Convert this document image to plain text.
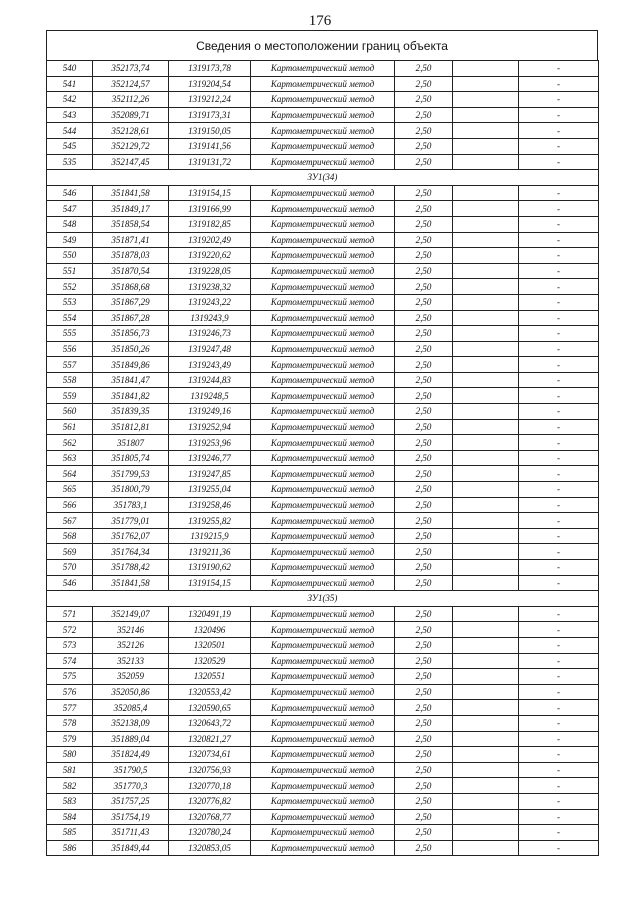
176
Сведения о местоположении границ объекта
540	352173,74	1319173,78	Картометрический метод	2,50		-
541	352124,57	1319204,54	Картометрический метод	2,50		-
542	352112,26	1319212,24	Картометрический метод	2,50		-
543	352089,71	1319173,31	Картометрический метод	2,50		-
544	352128,61	1319150,05	Картометрический метод	2,50		-
545	352129,72	1319141,56	Картометрический метод	2,50		-
535	352147,45	1319131,72	Картометрический метод	2,50		-
ЗУ1(34)						
546	351841,58	1319154,15	Картометрический метод	2,50		-
547	351849,17	1319166,99	Картометрический метод	2,50		-
548	351858,54	1319182,85	Картометрический метод	2,50		-
549	351871,41	1319202,49	Картометрический метод	2,50		-
550	351878,03	1319220,62	Картометрический метод	2,50		-
551	351870,54	1319228,05	Картометрический метод	2,50		-
552	351868,68	1319238,32	Картометрический метод	2,50		-
553	351867,29	1319243,22	Картометрический метод	2,50		-
554	351867,28	1319243,9	Картометрический метод	2,50		-
555	351856,73	1319246,73	Картометрический метод	2,50		-
556	351850,26	1319247,48	Картометрический метод	2,50		-
557	351849,86	1319243,49	Картометрический метод	2,50		-
558	351841,47	1319244,83	Картометрический метод	2,50		-
559	351841,82	1319248,5	Картометрический метод	2,50		-
560	351839,35	1319249,16	Картометрический метод	2,50		-
561	351812,81	1319252,94	Картометрический метод	2,50		-
562	351807	1319253,96	Картометрический метод	2,50		-
563	351805,74	1319246,77	Картометрический метод	2,50		-
564	351799,53	1319247,85	Картометрический метод	2,50		-
565	351800,79	1319255,04	Картометрический метод	2,50		-
566	351783,1	1319258,46	Картометрический метод	2,50		-
567	351779,01	1319255,82	Картометрический метод	2,50		-
568	351762,07	1319215,9	Картометрический метод	2,50		-
569	351764,34	1319211,36	Картометрический метод	2,50		-
570	351788,42	1319190,62	Картометрический метод	2,50		-
546	351841,58	1319154,15	Картометрический метод	2,50		-
ЗУ1(35)						
571	352149,07	1320491,19	Картометрический метод	2,50		-
572	352146	1320496	Картометрический метод	2,50		-
573	352126	1320501	Картометрический метод	2,50		-
574	352133	1320529	Картометрический метод	2,50		-
575	352059	1320551	Картометрический метод	2,50		-
576	352050,86	1320553,42	Картометрический метод	2,50		-
577	352085,4	1320590,65	Картометрический метод	2,50		-
578	352138,09	1320643,72	Картометрический метод	2,50		-
579	351889,04	1320821,27	Картометрический метод	2,50		-
580	351824,49	1320734,61	Картометрический метод	2,50		-
581	351790,5	1320756,93	Картометрический метод	2,50		-
582	351770,3	1320770,18	Картометрический метод	2,50		-
583	351757,25	1320776,82	Картометрический метод	2,50		-
584	351754,19	1320768,77	Картометрический метод	2,50		-
585	351711,43	1320780,24	Картометрический метод	2,50		-
586	351849,44	1320853,05	Картометрический метод	2,50		-
